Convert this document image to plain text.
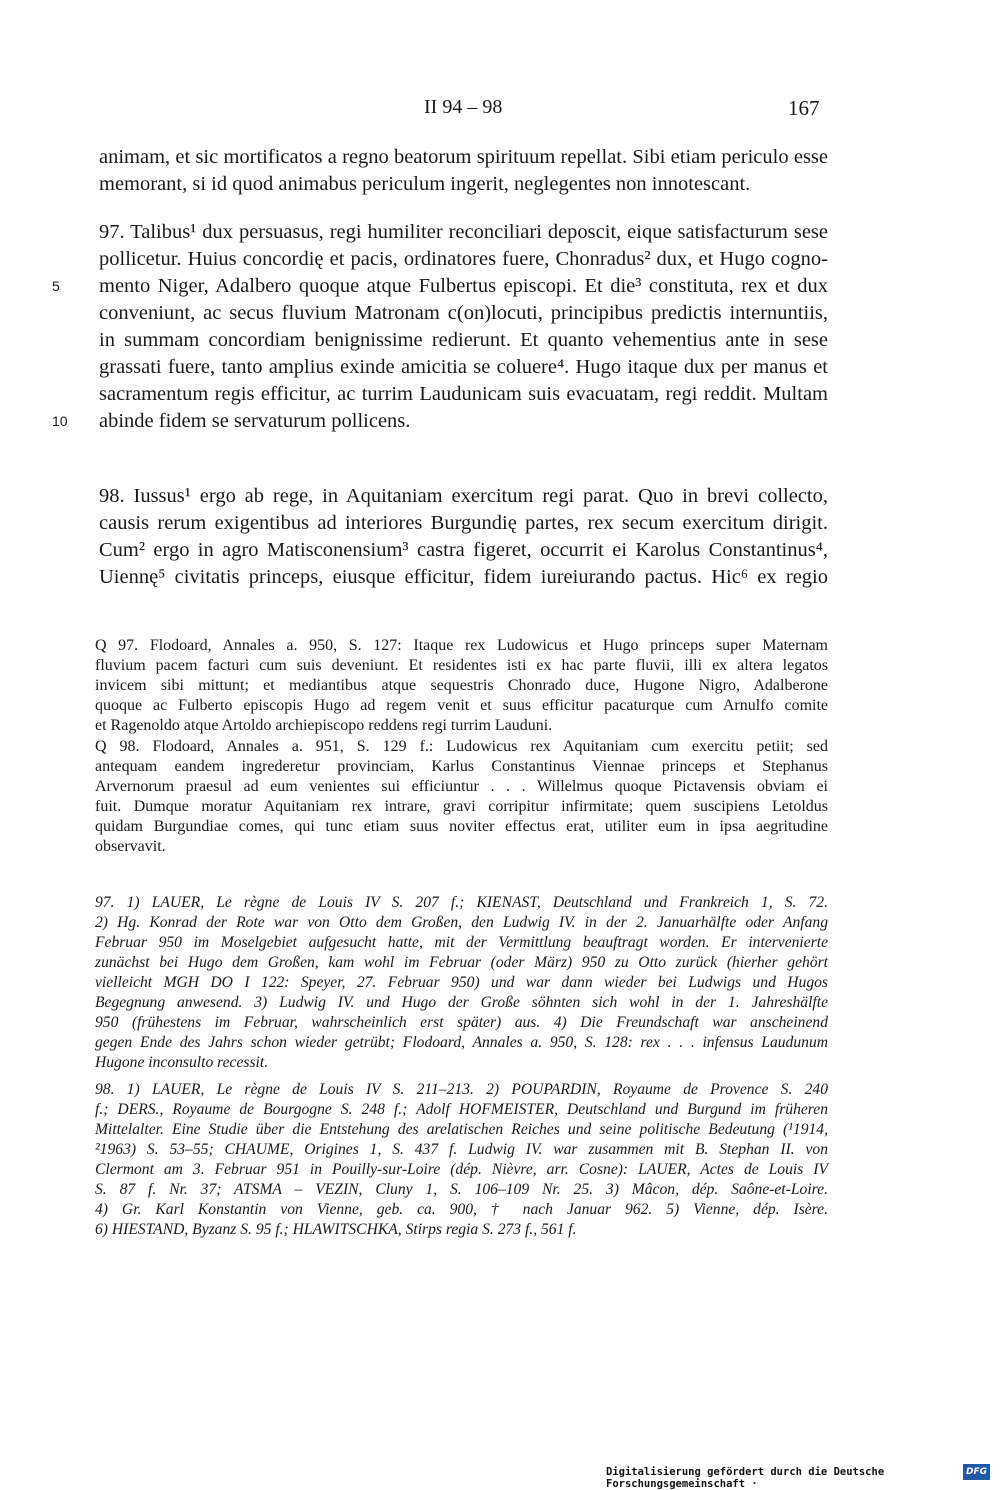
II 94 – 98	167
animam, et sic mortificatos a regno beatorum spirituum repellat. Sibi etiam periculo esse
memorant, si id quod animabus periculum ingerit, neglegentes non innotescant.
97. Talibus¹ dux persuasus, regi humiliter reconciliari deposcit, eique satisfacturum sese
pollicetur. Huius concordię et pacis, ordinatores fuere, Chonradus² dux, et Hugo cogno-
mento Niger, Adalbero quoque atque Fulbertus episcopi. Et die³ constituta, rex et dux
conveniunt, ac secus fluvium Matronam c(on)locuti, principibus predictis internuntiis,
in summam concordiam benignissime redierunt. Et quanto vehementius ante in sese
grassati fuere, tanto amplius exinde amicitia se coluere⁴. Hugo itaque dux per manus et
sacramentum regis efficitur, ac turrim Laudunicam suis evacuatam, regi reddit. Multam
abinde fidem se servaturum pollicens.
98. Iussus¹ ergo ab rege, in Aquitaniam exercitum regi parat. Quo in brevi collecto,
causis rerum exigentibus ad interiores Burgundię partes, rex secum exercitum dirigit.
Cum² ergo in agro Matisconensium³ castra figeret, occurrit ei Karolus Constantinus⁴,
Uiennę⁵ civitatis princeps, eiusque efficitur, fidem iureiurando pactus. Hic⁶ ex regio
5
10
Q 97. Flodoard, Annales a. 950, S. 127: Itaque rex Ludowicus et Hugo princeps super Maternam
fluvium pacem facturi cum suis deveniunt. Et residentes isti ex hac parte fluvii, illi ex altera legatos
invicem sibi mittunt; et mediantibus atque sequestris Chonrado duce, Hugone Nigro, Adalberone
quoque ac Fulberto episcopis Hugo ad regem venit et suus efficitur pacaturque cum Arnulfo comite
et Ragenoldo atque Artoldo archiepiscopo reddens regi turrim Lauduni.
Q 98. Flodoard, Annales a. 951, S. 129 f.: Ludowicus rex Aquitaniam cum exercitu petiit; sed
antequam eandem ingrederetur provinciam, Karlus Constantinus Viennae princeps et Stephanus
Arvernorum praesul ad eum venientes sui efficiuntur . . . Willelmus quoque Pictavensis obviam ei
fuit. Dumque moratur Aquitaniam rex intrare, gravi corripitur infirmitate; quem suscipiens Letoldus
quidam Burgundiae comes, qui tunc etiam suus noviter effectus erat, utiliter eum in ipsa aegritudine
observavit.
97. 1) LAUER, Le règne de Louis IV S. 207 f.; KIENAST, Deutschland und Frankreich 1, S. 72.
2) Hg. Konrad der Rote war von Otto dem Großen, den Ludwig IV. in der 2. Januarhälfte oder Anfang
Februar 950 im Moselgebiet aufgesucht hatte, mit der Vermittlung beauftragt worden. Er intervenierte
zunächst bei Hugo dem Großen, kam wohl im Februar (oder März) 950 zu Otto zurück (hierher gehört
vielleicht MGH DO I 122: Speyer, 27. Februar 950) und war dann wieder bei Ludwigs und Hugos
Begegnung anwesend. 3) Ludwig IV. und Hugo der Große söhnten sich wohl in der 1. Jahreshälfte
950 (frühestens im Februar, wahrscheinlich erst später) aus. 4) Die Freundschaft war anscheinend
gegen Ende des Jahrs schon wieder getrübt; Flodoard, Annales a. 950, S. 128: rex . . . infensus Laudunum
Hugone inconsulto recessit.
98. 1) LAUER, Le règne de Louis IV S. 211–213. 2) POUPARDIN, Royaume de Provence S. 240
f.; DERS., Royaume de Bourgogne S. 248 f.; Adolf HOFMEISTER, Deutschland und Burgund im früheren
Mittelalter. Eine Studie über die Entstehung des arelatischen Reiches und seine politische Bedeutung (¹1914,
²1963) S. 53–55; CHAUME, Origines 1, S. 437 f. Ludwig IV. war zusammen mit B. Stephan II. von
Clermont am 3. Februar 951 in Pouilly-sur-Loire (dép. Nièvre, arr. Cosne): LAUER, Actes de Louis IV
S. 87 f. Nr. 37; ATSMA – VEZIN, Cluny 1, S. 106–109 Nr. 25. 3) Mâcon, dép. Saône-et-Loire.
4) Gr. Karl Konstantin von Vienne, geb. ca. 900, † nach Januar 962. 5) Vienne, dép. Isère.
6) HIESTAND, Byzanz S. 95 f.; HLAWITSCHKA, Stirps regia S. 273 f., 561 f.
Digitalisierung gefördert durch die Deutsche Forschungsgemeinschaft ·
DFG
